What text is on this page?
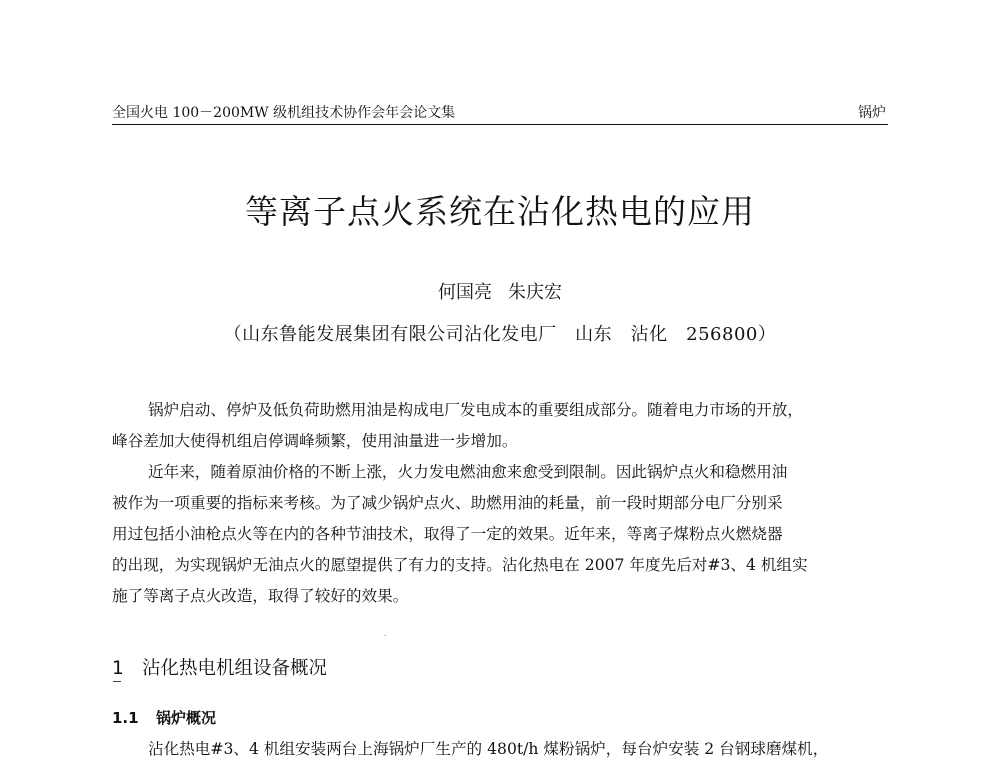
全国火电 100－200MW 级机组技术协作会年会论文集	锅炉
等离子点火系统在沾化热电的应用
何国亮 朱庆宏
（山东鲁能发展集团有限公司沾化发电厂　山东　沾化　256800）
锅炉启动、停炉及低负荷助燃用油是构成电厂发电成本的重要组成部分。随着电力市场的开放，
峰谷差加大使得机组启停调峰频繁，使用油量进一步增加。
近年来，随着原油价格的不断上涨，火力发电燃油愈来愈受到限制。因此锅炉点火和稳燃用油
被作为一项重要的指标来考核。为了减少锅炉点火、助燃用油的耗量，前一段时期部分电厂分别采
用过包括小油枪点火等在内的各种节油技术，取得了一定的效果。近年来，等离子煤粉点火燃烧器
的出现，为实现锅炉无油点火的愿望提供了有力的支持。沾化热电在 2007 年度先后对#3、4 机组实
施了等离子点火改造，取得了较好的效果。
1 沾化热电机组设备概况
1.1 锅炉概况
沾化热电#3、4 机组安装两台上海锅炉厂生产的 480t/h 煤粉锅炉，每台炉安装 2 台钢球磨煤机，
